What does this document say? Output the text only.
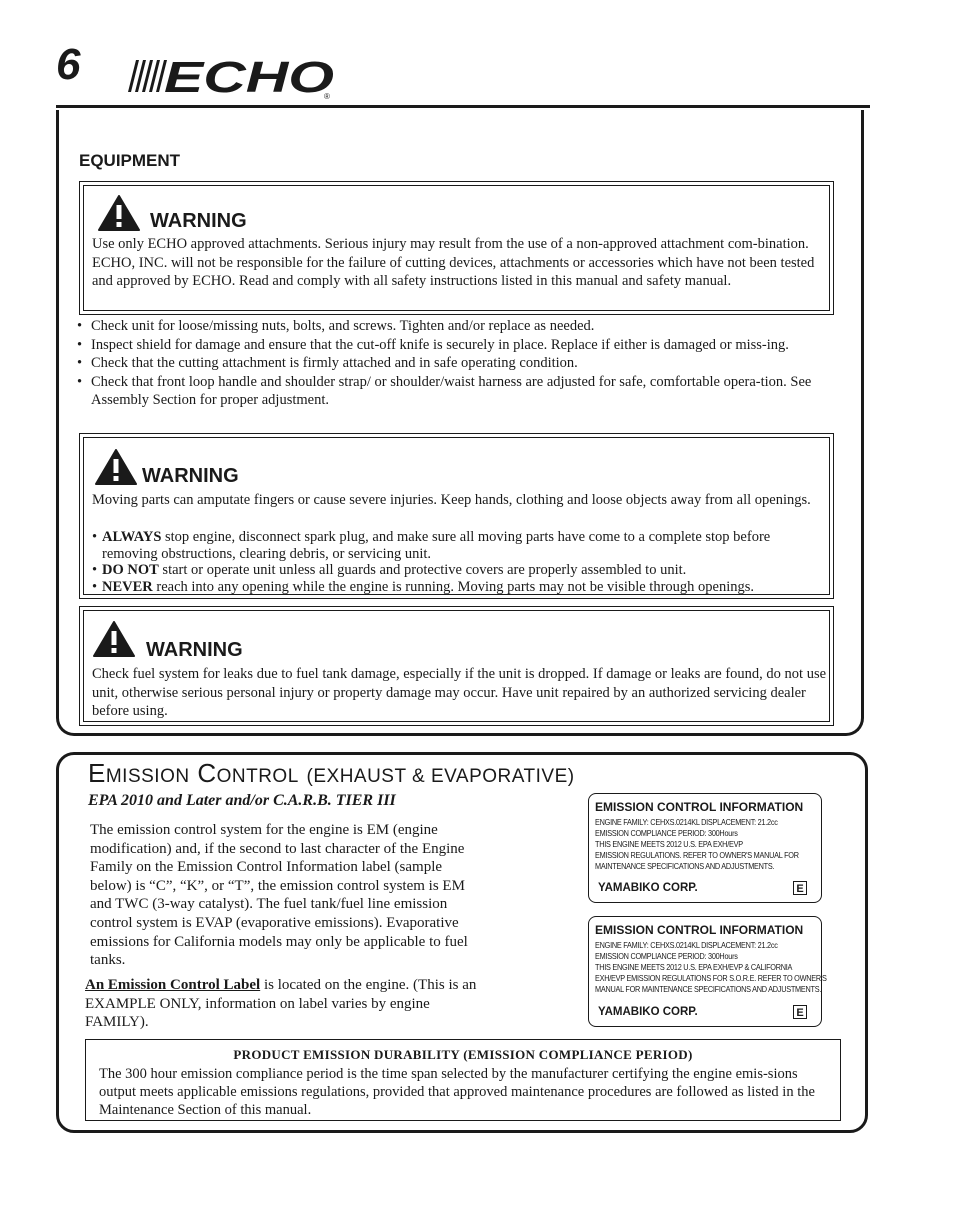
6 ECHO
®
EQUIPMENT
WARNING
Use only ECHO approved attachments. Serious injury may result from the use of a non-approved attachment com-bination. ECHO, INC. will not be responsible for the failure of cutting devices, attachments or accessories which have not been tested and approved by ECHO. Read and comply with all safety instructions listed in this manual and safety manual.
• Check unit for loose/missing nuts, bolts, and screws. Tighten and/or replace as needed.
• Inspect shield for damage and ensure that the cut-off knife is securely in place. Replace if either is damaged or miss-ing.
• Check that the cutting attachment is firmly attached and in safe operating condition.
• Check that front loop handle and shoulder strap/ or shoulder/waist harness are adjusted for safe, comfortable opera-tion. See Assembly Section for proper adjustment.
WARNING
Moving parts can amputate fingers or cause severe injuries. Keep hands, clothing and loose objects away from all openings.
• ALWAYS stop engine, disconnect spark plug, and make sure all moving parts have come to a complete stop before removing obstructions, clearing debris, or servicing unit.
• DO NOT start or operate unit unless all guards and protective covers are properly assembled to unit.
• NEVER reach into any opening while the engine is running. Moving parts may not be visible through openings.
WARNING
Check fuel system for leaks due to fuel tank damage, especially if the unit is dropped. If damage or leaks are found, do not use unit, otherwise serious personal injury or property damage may occur. Have unit repaired by an authorized servicing dealer before using.
EMISSION CONTROL (EXHAUST & EVAPORATIVE)
EPA 2010 and Later and/or C.A.R.B. TIER III
The emission control system for the engine is EM (engine modification) and, if the second to last character of the Engine Family on the Emission Control Information label (sample below) is “C”, “K”, or “T”, the emission control system is EM and TWC (3-way catalyst). The fuel tank/fuel line emission control system is EVAP (evaporative emissions). Evaporative emissions for California models may only be applicable to fuel tanks.
An Emission Control Label is located on the engine. (This is an EXAMPLE ONLY, information on label varies by engine FAMILY).
EMISSION CONTROL INFORMATION
ENGINE FAMILY: CEHXS.0214KL DISPLACEMENT: 21.2cc
EMISSION COMPLIANCE PERIOD: 300Hours
THIS ENGINE MEETS 2012 U.S. EPA EXH/EVP
EMISSION REGULATIONS. REFER TO OWNER'S MANUAL FOR
MAINTENANCE SPECIFICATIONS AND ADJUSTMENTS.
YAMABIKO CORP.	E
EMISSION CONTROL INFORMATION
ENGINE FAMILY: CEHXS.0214KL DISPLACEMENT: 21.2cc
EMISSION COMPLIANCE PERIOD: 300Hours
THIS ENGINE MEETS 2012 U.S. EPA EXH/EVP & CALIFORNIA
EXH/EVP EMISSION REGULATIONS FOR S.O.R.E. REFER TO OWNER'S
MANUAL FOR MAINTENANCE SPECIFICATIONS AND ADJUSTMENTS.
YAMABIKO CORP.	E
PRODUCT EMISSION DURABILITY (EMISSION COMPLIANCE PERIOD)
The 300 hour emission compliance period is the time span selected by the manufacturer certifying the engine emis-sions output meets applicable emissions regulations, provided that approved maintenance procedures are followed as listed in the Maintenance Section of this manual.
